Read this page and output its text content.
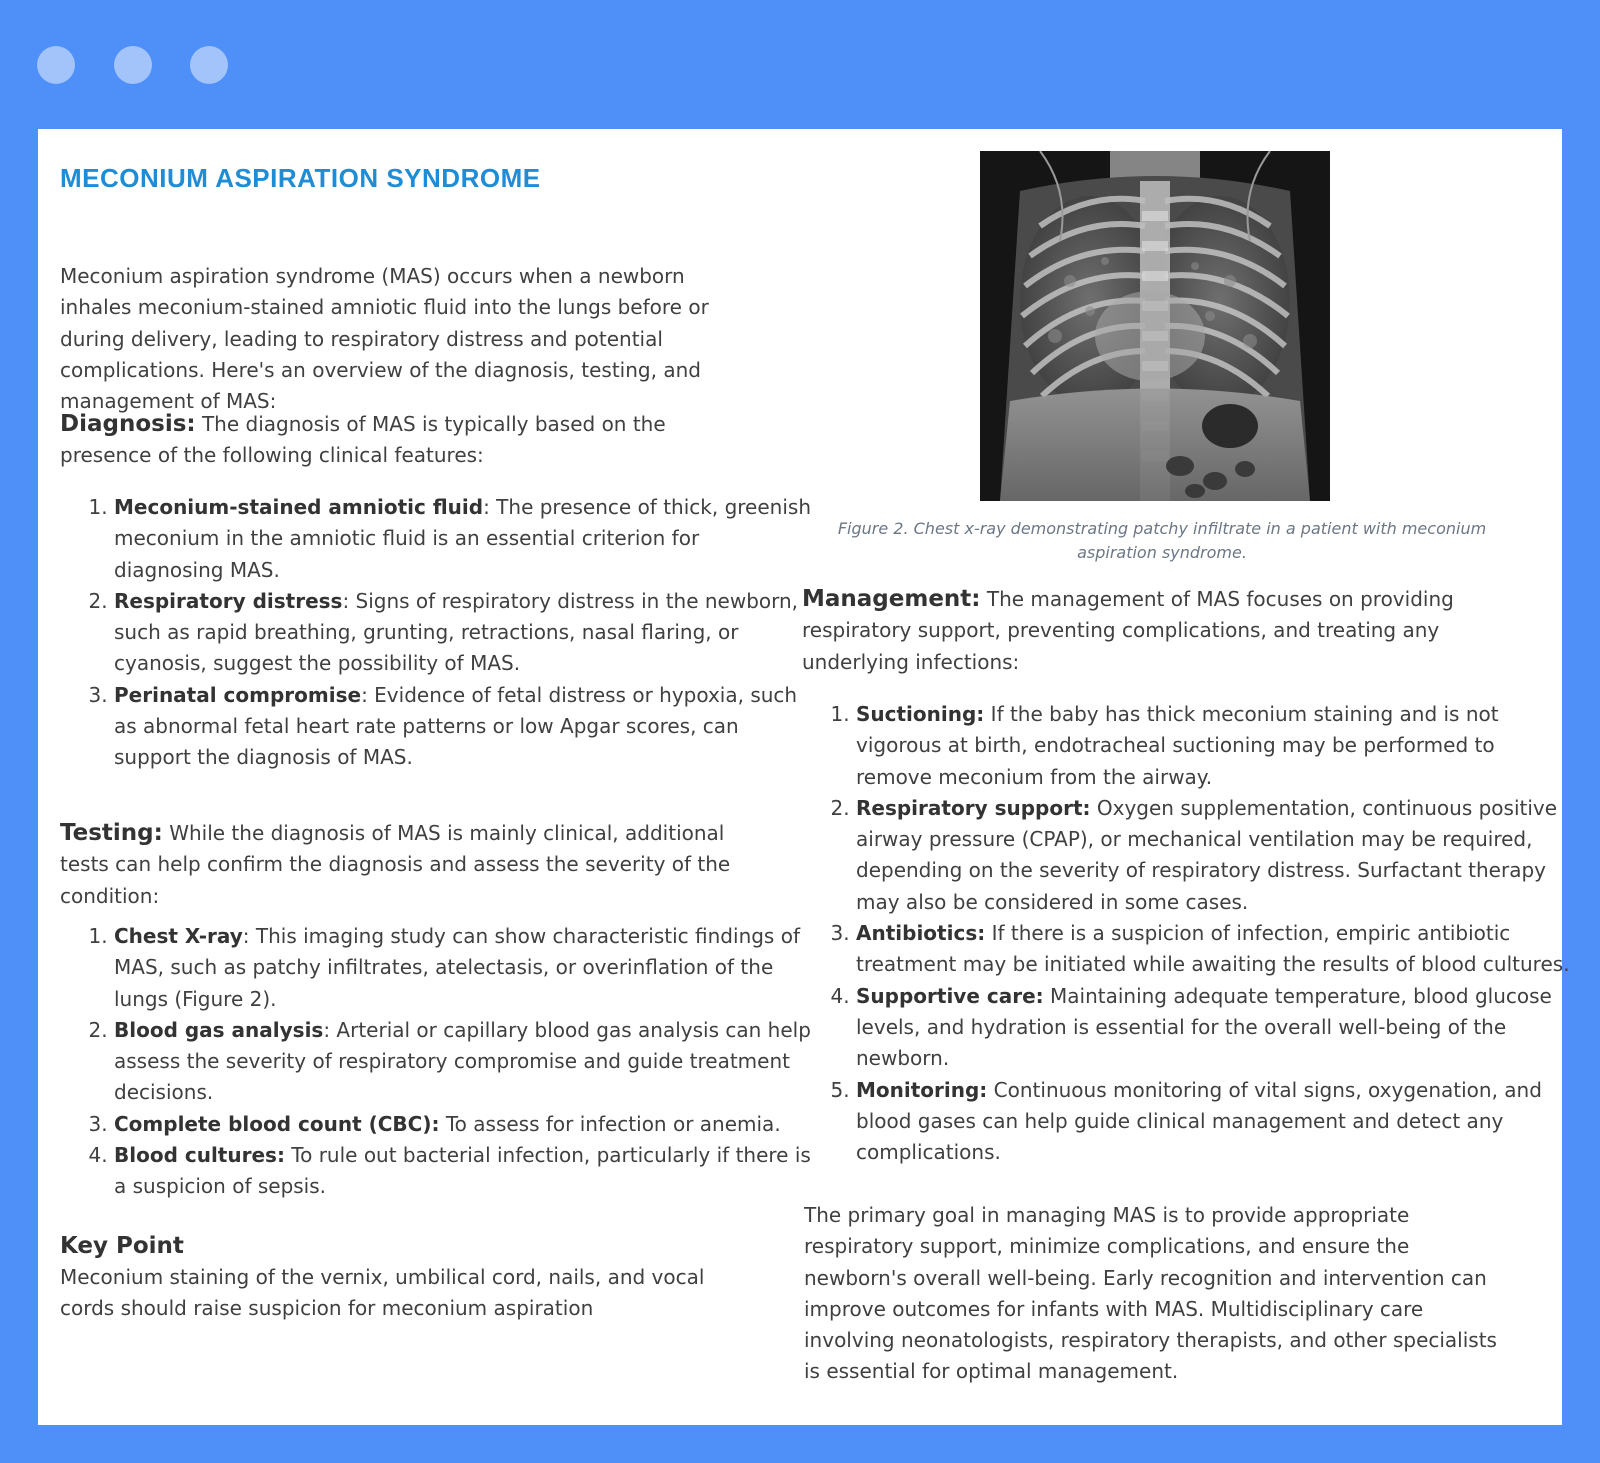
MECONIUM ASPIRATION SYNDROME

Meconium aspiration syndrome (MAS) occurs when a newborn inhales meconium-stained amniotic fluid into the lungs before or during delivery, leading to respiratory distress and potential complications. Here's an overview of the diagnosis, testing, and management of MAS:

Diagnosis: The diagnosis of MAS is typically based on the presence of the following clinical features:

1. Meconium-stained amniotic fluid: The presence of thick, greenish meconium in the amniotic fluid is an essential criterion for diagnosing MAS.
2. Respiratory distress: Signs of respiratory distress in the newborn, such as rapid breathing, grunting, retractions, nasal flaring, or cyanosis, suggest the possibility of MAS.
3. Perinatal compromise: Evidence of fetal distress or hypoxia, such as abnormal fetal heart rate patterns or low Apgar scores, can support the diagnosis of MAS.

Testing: While the diagnosis of MAS is mainly clinical, additional tests can help confirm the diagnosis and assess the severity of the condition:

1. Chest X-ray: This imaging study can show characteristic findings of MAS, such as patchy infiltrates, atelectasis, or overinflation of the lungs (Figure 2).
2. Blood gas analysis: Arterial or capillary blood gas analysis can help assess the severity of respiratory compromise and guide treatment decisions.
3. Complete blood count (CBC): To assess for infection or anemia.
4. Blood cultures: To rule out bacterial infection, particularly if there is a suspicion of sepsis.

Key Point

Meconium staining of the vernix, umbilical cord, nails, and vocal cords should raise suspicion for meconium aspiration

Figure 2. Chest x-ray demonstrating patchy infiltrate in a patient with meconium aspiration syndrome.

Management: The management of MAS focuses on providing respiratory support, preventing complications, and treating any underlying infections:

1. Suctioning: If the baby has thick meconium staining and is not vigorous at birth, endotracheal suctioning may be performed to remove meconium from the airway.
2. Respiratory support: Oxygen supplementation, continuous positive airway pressure (CPAP), or mechanical ventilation may be required, depending on the severity of respiratory distress. Surfactant therapy may also be considered in some cases.
3. Antibiotics: If there is a suspicion of infection, empiric antibiotic treatment may be initiated while awaiting the results of blood cultures.
4. Supportive care: Maintaining adequate temperature, blood glucose levels, and hydration is essential for the overall well-being of the newborn.
5. Monitoring: Continuous monitoring of vital signs, oxygenation, and blood gases can help guide clinical management and detect any complications.

The primary goal in managing MAS is to provide appropriate respiratory support, minimize complications, and ensure the newborn's overall well-being. Early recognition and intervention can improve outcomes for infants with MAS. Multidisciplinary care involving neonatologists, respiratory therapists, and other specialists is essential for optimal management.
